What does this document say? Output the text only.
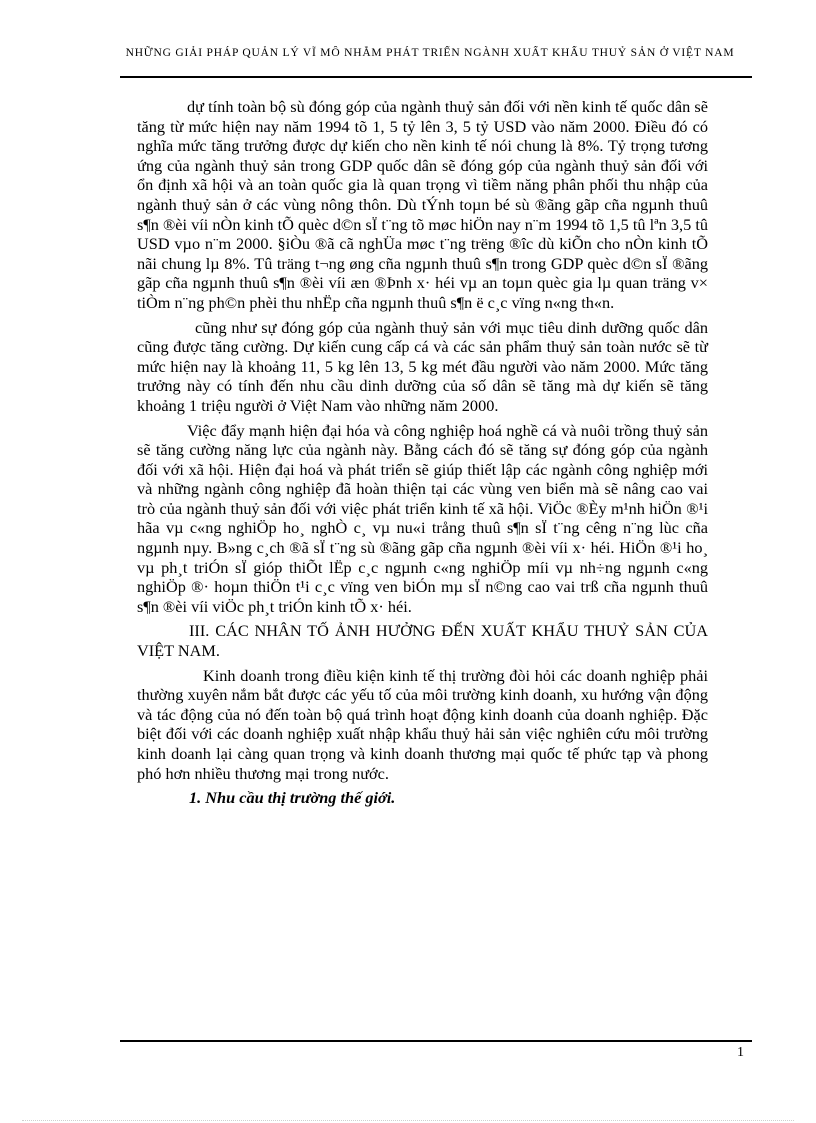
NHỮNG GIẢI PHÁP QUẢN LÝ VĨ MÔ NHẰM PHÁT TRIỂN NGÀNH XUẤT KHẨU THUỶ SẢN Ở VIỆT NAM

dự tính toàn bộ sù đóng góp của ngành thuỷ sản đối với nền kinh tế quốc dân sẽ tăng từ mức hiện nay năm 1994 tõ 1, 5 tỷ lên 3, 5 tỷ USD vào năm 2000. Điều đó có nghĩa mức tăng trưởng được dự kiến cho nền kinh tế nói chung là 8%. Tỷ trọng tương ứng của ngành thuỷ sản trong GDP quốc dân sẽ đóng góp của ngành thuỷ sản đối với ổn định xã hội và an toàn quốc gia là quan trọng vì tiềm năng phân phối thu nhập của ngành thuỷ sản ở các vùng nông thôn. Dù tÝnh toµn bé sù ®ãng gãp cña ngµnh thuû s¶n ®èi víi nÒn kinh tÕ quèc d©n sÏ t¨ng tõ møc hiÖn nay n¨m 1994 tõ 1,5 tû lªn 3,5 tû USD vµo n¨m 2000. §iÒu ®ã cã nghÜa møc t¨ng trëng ®îc dù kiÕn cho nÒn kinh tÕ nãi chung lµ 8%. Tû träng t¬ng øng cña ngµnh thuû s¶n trong GDP quèc d©n sÏ ®ãng gãp cña ngµnh thuû s¶n ®èi víi æn ®Þnh x· héi vµ an toµn quèc gia lµ quan träng v× tiÒm n¨ng ph©n phèi thu nhËp cña ngµnh thuû s¶n ë c¸c vïng n«ng th«n.

cũng như sự đóng góp của ngành thuỷ sản với mục tiêu dinh dưỡng quốc dân cũng được tăng cường. Dự kiến cung cấp cá và các sản phẩm thuỷ sản toàn nước sẽ từ mức hiện nay là khoảng 11, 5 kg lên 13, 5 kg mét đầu người vào năm 2000. Mức tăng trưởng này có tính đến nhu cầu dinh dưỡng của số dân sẽ tăng mà dự kiến sẽ tăng khoảng 1 triệu người ở Việt Nam vào những năm 2000.

Việc đẩy mạnh hiện đại hóa và công nghiệp hoá nghề cá và nuôi trồng thuỷ sản sẽ tăng cường năng lực của ngành này. Bằng cách đó sẽ tăng sự đóng góp của ngành đối với xã hội. Hiện đại hoá và phát triển sẽ giúp thiết lập các ngành công nghiệp mới và những ngành công nghiệp đã hoàn thiện tại các vùng ven biển mà sẽ nâng cao vai trò của ngành thuỷ sản đối với việc phát triển kinh tế xã hội. ViÖc ®Èy m¹nh hiÖn ®¹i hãa vµ c«ng nghiÖp ho¸ nghÒ c¸ vµ nu«i trång thuû s¶n sÏ t¨ng cêng n¨ng lùc cña ngµnh nµy. B»ng c¸ch ®ã sÏ t¨ng sù ®ãng gãp cña ngµnh ®èi víi x· héi. HiÖn ®¹i ho¸ vµ ph¸t triÓn sÏ gióp thiÕt lËp c¸c ngµnh c«ng nghiÖp míi vµ nh÷ng ngµnh c«ng nghiÖp ®· hoµn thiÖn t¹i c¸c vïng ven biÓn mµ sÏ n©ng cao vai trß cña ngµnh thuû s¶n ®èi víi viÖc ph¸t triÓn kinh tÕ x· héi.

III. CÁC NHÂN TỐ ẢNH HƯỞNG ĐẾN XUẤT KHẨU THUỶ SẢN CỦA VIỆT NAM.

Kinh doanh trong điều kiện kinh tế thị trường đòi hỏi các doanh nghiệp phải thường xuyên nắm bắt được các yếu tố của môi trường kinh doanh, xu hướng vận động và tác động của nó đến toàn bộ quá trình hoạt động kinh doanh của doanh nghiệp. Đặc biệt đối với các doanh nghiệp xuất nhập khẩu thuỷ hải sản việc nghiên cứu môi trường kinh doanh lại càng quan trọng và kinh doanh thương mại quốc tế phức tạp và phong phó hơn nhiều thương mại trong nước.

1. Nhu cầu thị trường thế giới.

1
